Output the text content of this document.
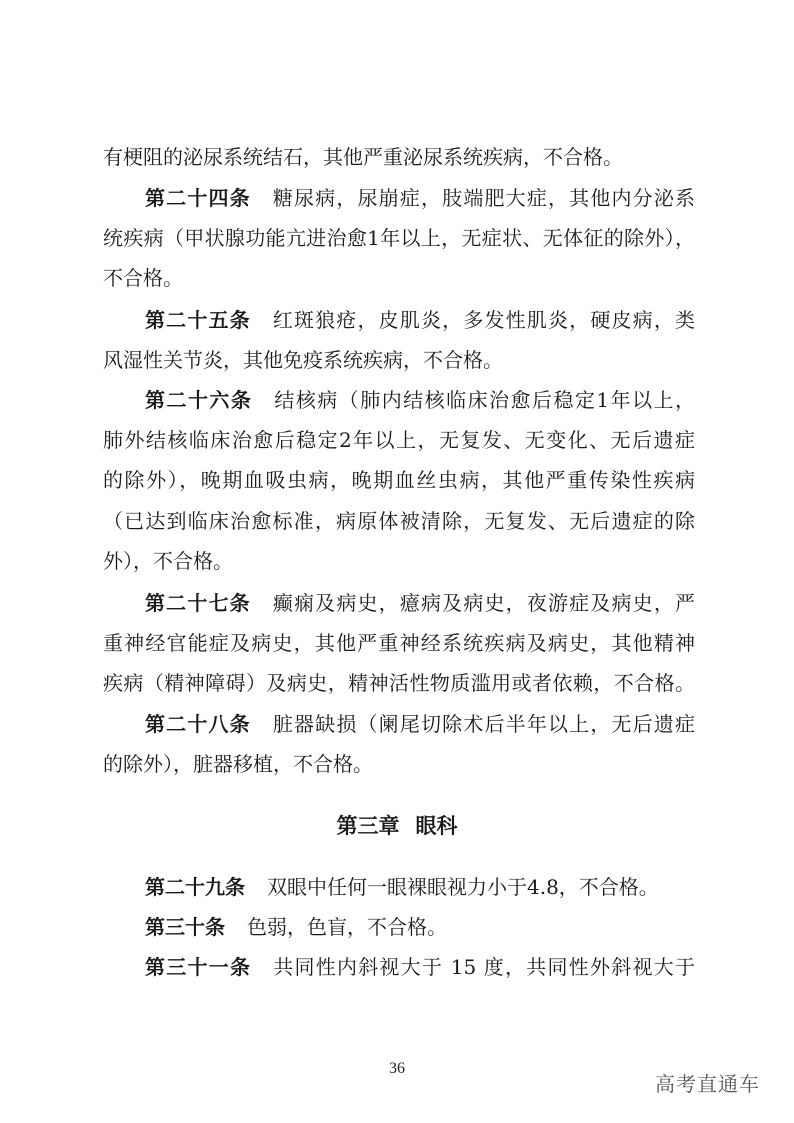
有梗阻的泌尿系统结石，其他严重泌尿系统疾病，不合格。
第二十四条 糖尿病，尿崩症，肢端肥大症，其他内分泌系
统疾病（甲状腺功能亢进治愈1年以上，无症状、无体征的除外），
不合格。
第二十五条 红斑狼疮，皮肌炎，多发性肌炎，硬皮病，类
风湿性关节炎，其他免疫系统疾病，不合格。
第二十六条 结核病（肺内结核临床治愈后稳定1年以上，
肺外结核临床治愈后稳定2年以上，无复发、无变化、无后遗症
的除外），晚期血吸虫病，晚期血丝虫病，其他严重传染性疾病
（已达到临床治愈标准，病原体被清除，无复发、无后遗症的除
外），不合格。
第二十七条 癫痫及病史，癔病及病史，夜游症及病史，严
重神经官能症及病史，其他严重神经系统疾病及病史，其他精神
疾病（精神障碍）及病史，精神活性物质滥用或者依赖，不合格。
第二十八条 脏器缺损（阑尾切除术后半年以上，无后遗症
的除外），脏器移植，不合格。
第三章 眼科
第二十九条 双眼中任何一眼裸眼视力小于4.8，不合格。
第三十条 色弱，色盲，不合格。
第三十一条 共同性内斜视大于 15 度，共同性外斜视大于
36
高考直通车
